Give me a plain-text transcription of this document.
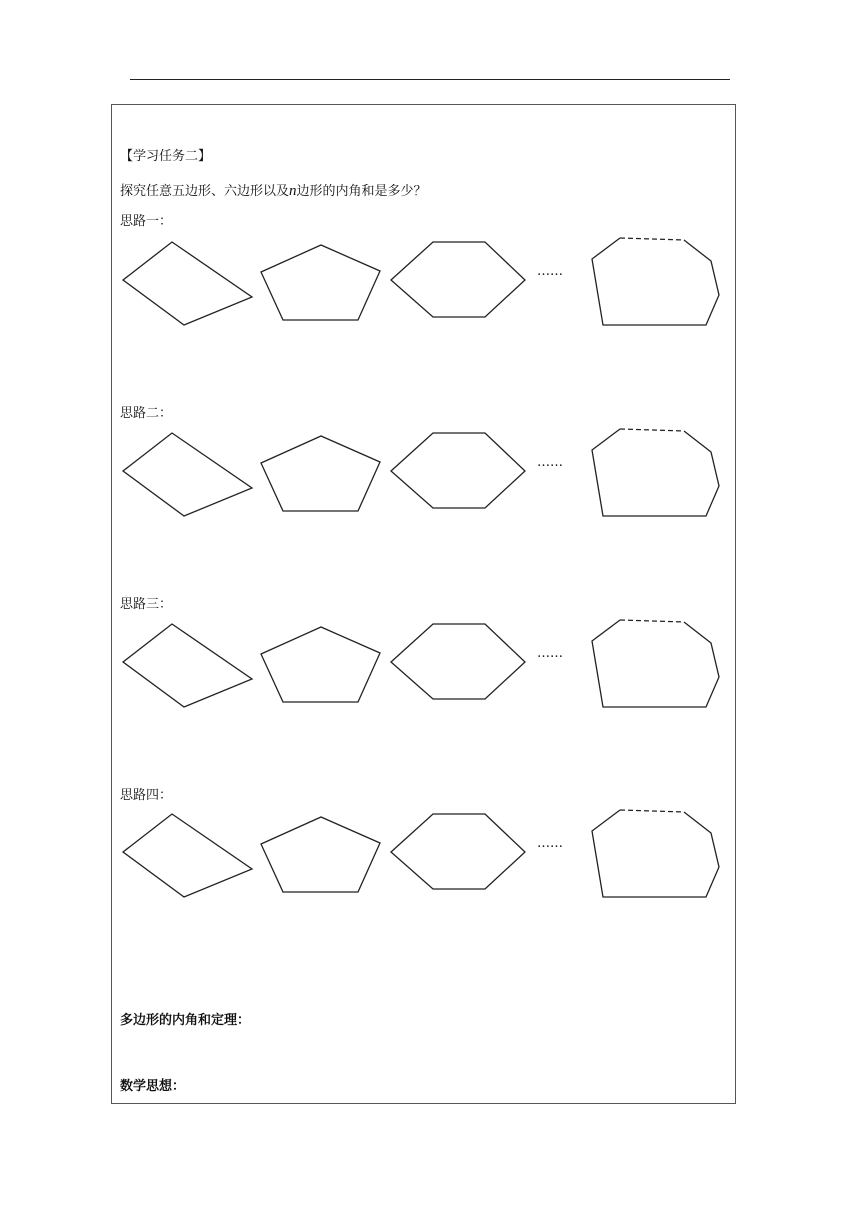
【学习任务二】
探究任意五边形、六边形以及n边形的内角和是多少？
思路一：
……
思路二：
……
思路三：
……
思路四：
……
多边形的内角和定理：
数学思想：
